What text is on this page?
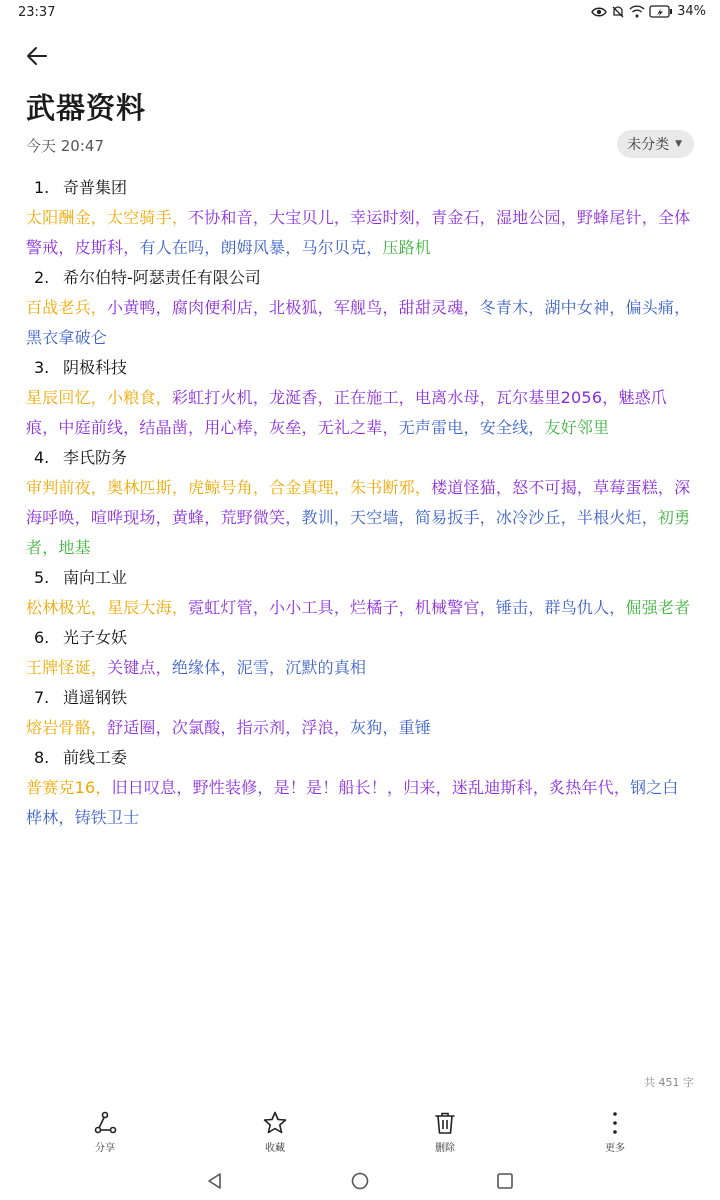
23:37	34%
武器资料
今天 20:47	未分类 ▼
1. 奇普集团
太阳酬金，太空骑手，不协和音，大宝贝儿，幸运时刻，青金石，湿地公园，野蜂尾针，全体警戒，皮斯科，有人在吗，朗姆风暴，马尔贝克，压路机
2. 希尔伯特-阿瑟责任有限公司
百战老兵，小黄鸭，腐肉便利店，北极狐，军舰鸟，甜甜灵魂，冬青木，湖中女神，偏头痛，黑衣拿破仑
3. 阴极科技
星辰回忆，小粮食，彩虹打火机，龙涎香，正在施工，电离水母，瓦尔基里2056，魅惑爪痕，中庭前线，结晶凿，用心棒，灰垒，无礼之辈，无声雷电，安全线，友好邻里
4. 李氏防务
审判前夜，奥林匹斯，虎鲸号角，合金真理，朱书断邪，楼道怪猫，怒不可揭，草莓蛋糕，深海呼唤，喧哗现场，黄蜂，荒野微笑，教训，天空墙，简易扳手，冰冷沙丘，半根火炬，初勇者，地基
5. 南向工业
松林极光，星辰大海，霓虹灯管，小小工具，烂橘子，机械警官，锤击，群鸟仇人，倔强老者
6. 光子女妖
王牌怪诞，关键点，绝缘体，泥雪，沉默的真相
7. 逍遥钢铁
熔岩骨骼，舒适圈，次氯酸，指示剂，浮浪，灰狗，重锤
8. 前线工委
普赛克16，旧日叹息，野性装修，是！是！船长！，归来，迷乱迪斯科，炙热年代，钢之白桦林，铸铁卫士
共 451 字
分享	收藏	删除	更多
